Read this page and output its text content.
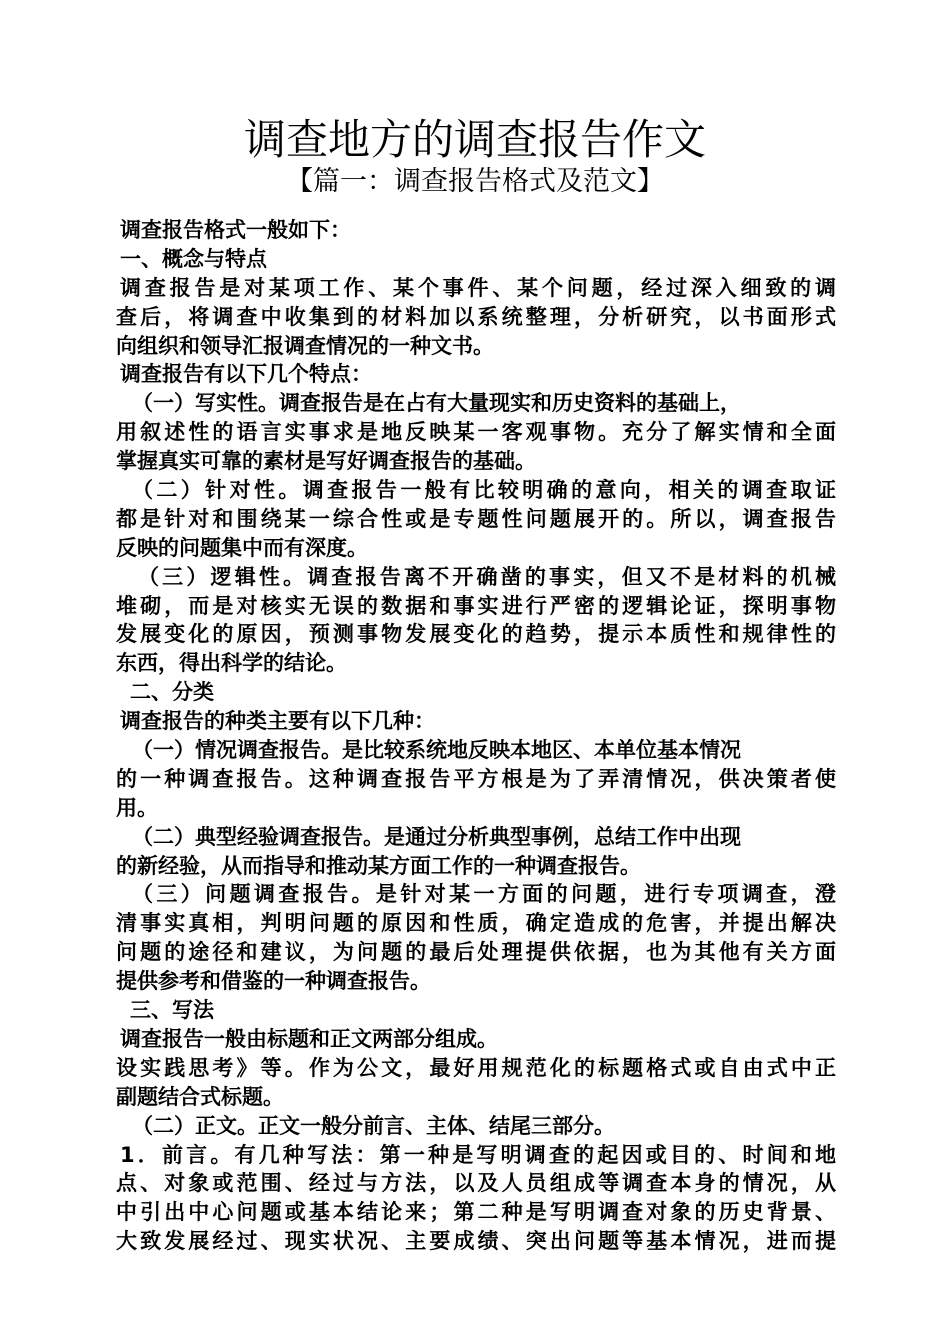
调查地方的调查报告作文
【篇一：调查报告格式及范文】
调查报告格式一般如下：
一、概念与特点
调查报告是对某项工作、某个事件、某个问题，经过深入细致的调
查后，将调查中收集到的材料加以系统整理，分析研究，以书面形式
向组织和领导汇报调查情况的一种文书。
调查报告有以下几个特点：
（一）写实性。调查报告是在占有大量现实和历史资料的基础上，
用叙述性的语言实事求是地反映某一客观事物。充分了解实情和全面
掌握真实可靠的素材是写好调查报告的基础。
（二）针对性。调查报告一般有比较明确的意向，相关的调查取证
都是针对和围绕某一综合性或是专题性问题展开的。所以，调查报告
反映的问题集中而有深度。
（三）逻辑性。调查报告离不开确凿的事实，但又不是材料的机械
堆砌，而是对核实无误的数据和事实进行严密的逻辑论证，探明事物
发展变化的原因，预测事物发展变化的趋势，提示本质性和规律性的
东西，得出科学的结论。
二、分类
调查报告的种类主要有以下几种：
（一）情况调查报告。是比较系统地反映本地区、本单位基本情况
的一种调查报告。这种调查报告平方根是为了弄清情况，供决策者使
用。
（二）典型经验调查报告。是通过分析典型事例，总结工作中出现
的新经验，从而指导和推动某方面工作的一种调查报告。
（三）问题调查报告。是针对某一方面的问题，进行专项调查，澄
清事实真相，判明问题的原因和性质，确定造成的危害，并提出解决
问题的途径和建议，为问题的最后处理提供依据，也为其他有关方面
提供参考和借鉴的一种调查报告。
三、写法
调查报告一般由标题和正文两部分组成。
设实践思考》等。作为公文，最好用规范化的标题格式或自由式中正
副题结合式标题。
（二）正文。正文一般分前言、主体、结尾三部分。
1．前言。有几种写法：第一种是写明调查的起因或目的、时间和地
点、对象或范围、经过与方法，以及人员组成等调查本身的情况，从
中引出中心问题或基本结论来；第二种是写明调查对象的历史背景、
大致发展经过、现实状况、主要成绩、突出问题等基本情况，进而提
